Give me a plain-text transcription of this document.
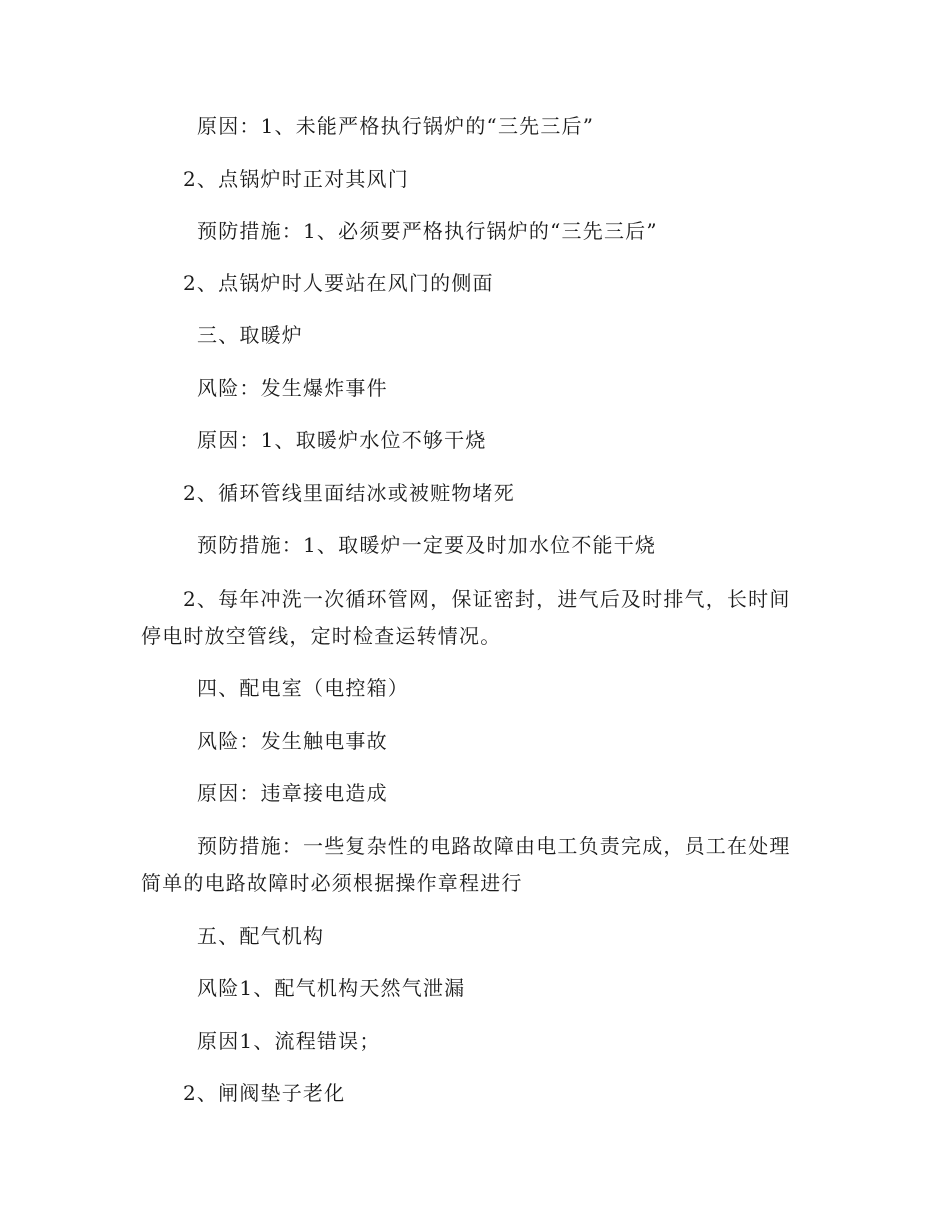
原因：1、未能严格执行锅炉的“三先三后”
2、点锅炉时正对其风门
预防措施：1、必须要严格执行锅炉的“三先三后”
2、点锅炉时人要站在风门的侧面
三、取暖炉
风险：发生爆炸事件
原因：1、取暖炉水位不够干烧
2、循环管线里面结冰或被赃物堵死
预防措施：1、取暖炉一定要及时加水位不能干烧
2、每年冲洗一次循环管网，保证密封，进气后及时排气，长时间
停电时放空管线，定时检查运转情况。
四、配电室（电控箱）
风险：发生触电事故
原因：违章接电造成
预防措施：一些复杂性的电路故障由电工负责完成，员工在处理
简单的电路故障时必须根据操作章程进行
五、配气机构
风险1、配气机构天然气泄漏
原因1、流程错误；
2、闸阀垫子老化
